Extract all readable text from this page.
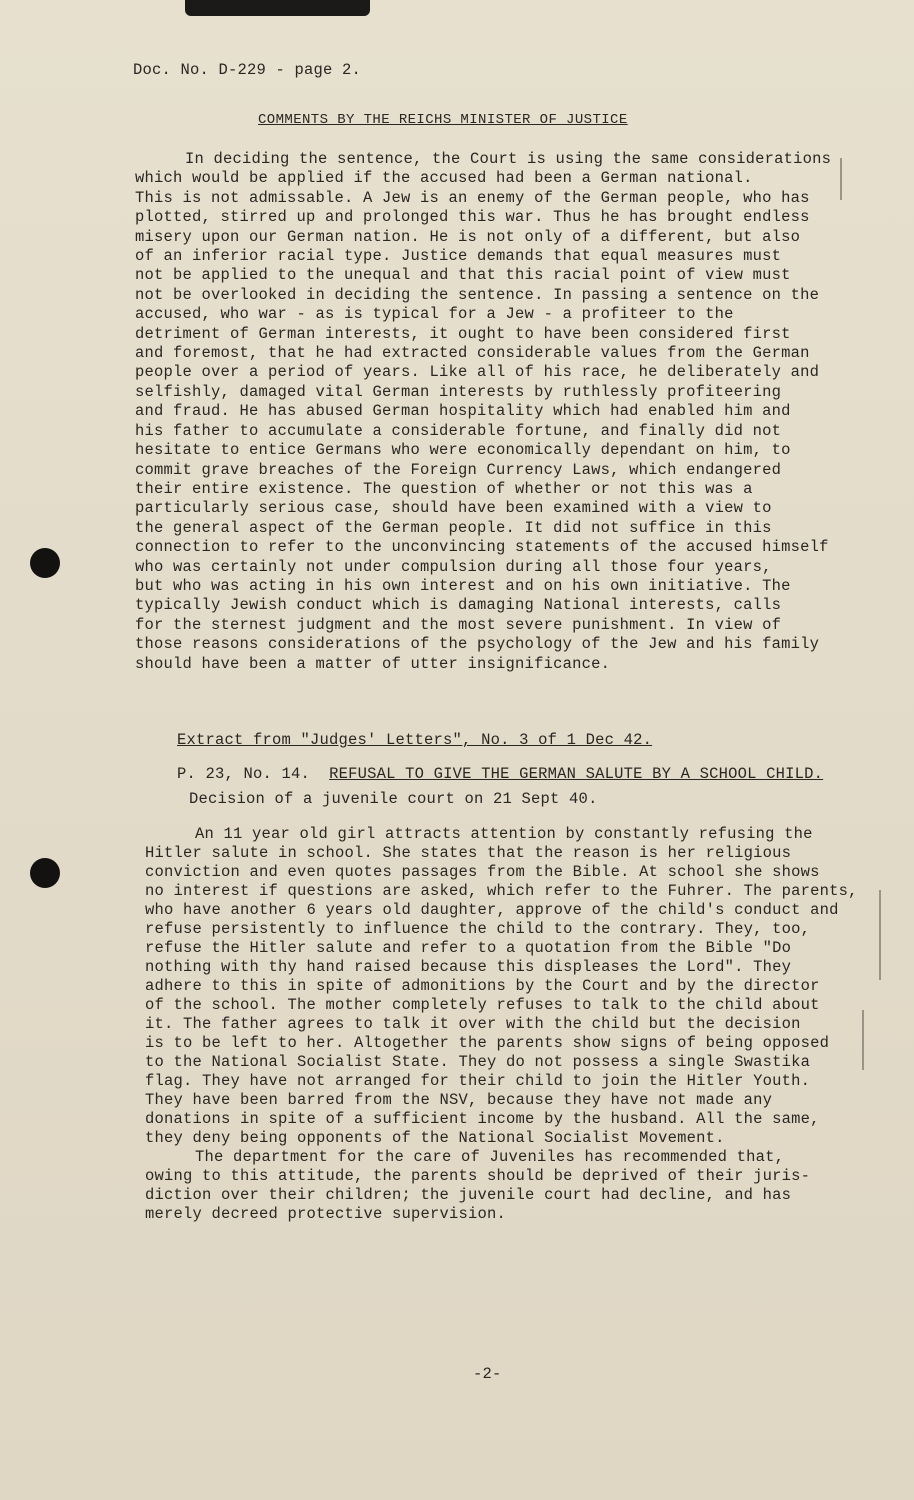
Doc. No. D-229 - page 2.
COMMENTS BY THE REICHS MINISTER OF JUSTICE
In deciding the sentence, the Court is using the same considerations
which would be applied if the accused had been a German national.
This is not admissable. A Jew is an enemy of the German people, who has
plotted, stirred up and prolonged this war. Thus he has brought endless
misery upon our German nation. He is not only of a different, but also
of an inferior racial type. Justice demands that equal measures must
not be applied to the unequal and that this racial point of view must
not be overlooked in deciding the sentence. In passing a sentence on the
accused, who war - as is typical for a Jew - a profiteer to the
detriment of German interests, it ought to have been considered first
and foremost, that he had extracted considerable values from the German
people over a period of years. Like all of his race, he deliberately and
selfishly, damaged vital German interests by ruthlessly profiteering
and fraud. He has abused German hospitality which had enabled him and
his father to accumulate a considerable fortune, and finally did not
hesitate to entice Germans who were economically dependant on him, to
commit grave breaches of the Foreign Currency Laws, which endangered
their entire existence. The question of whether or not this was a
particularly serious case, should have been examined with a view to
the general aspect of the German people. It did not suffice in this
connection to refer to the unconvincing statements of the accused himself
who was certainly not under compulsion during all those four years,
but who was acting in his own interest and on his own initiative. The
typically Jewish conduct which is damaging National interests, calls
for the sternest judgment and the most severe punishment. In view of
those reasons considerations of the psychology of the Jew and his family
should have been a matter of utter insignificance.

Extract from "Judges' Letters", No. 3 of 1 Dec 42.

P. 23, No. 14. REFUSAL TO GIVE THE GERMAN SALUTE BY A SCHOOL CHILD.

Decision of a juvenile court on 21 Sept 40.
An 11 year old girl attracts attention by constantly refusing the
Hitler salute in school. She states that the reason is her religious
conviction and even quotes passages from the Bible. At school she shows
no interest if questions are asked, which refer to the Fuhrer. The parents,
who have another 6 years old daughter, approve of the child's conduct and
refuse persistently to influence the child to the contrary. They, too,
refuse the Hitler salute and refer to a quotation from the Bible "Do
nothing with thy hand raised because this displeases the Lord". They
adhere to this in spite of admonitions by the Court and by the director
of the school. The mother completely refuses to talk to the child about
it. The father agrees to talk it over with the child but the decision
is to be left to her. Altogether the parents show signs of being opposed
to the National Socialist State. They do not possess a single Swastika
flag. They have not arranged for their child to join the Hitler Youth.
They have been barred from the NSV, because they have not made any
donations in spite of a sufficient income by the husband. All the same,
they deny being opponents of the National Socialist Movement.
The department for the care of Juveniles has recommended that,
owing to this attitude, the parents should be deprived of their juris-
diction over their children; the juvenile court had decline, and has
merely decreed protective supervision.
-2-
